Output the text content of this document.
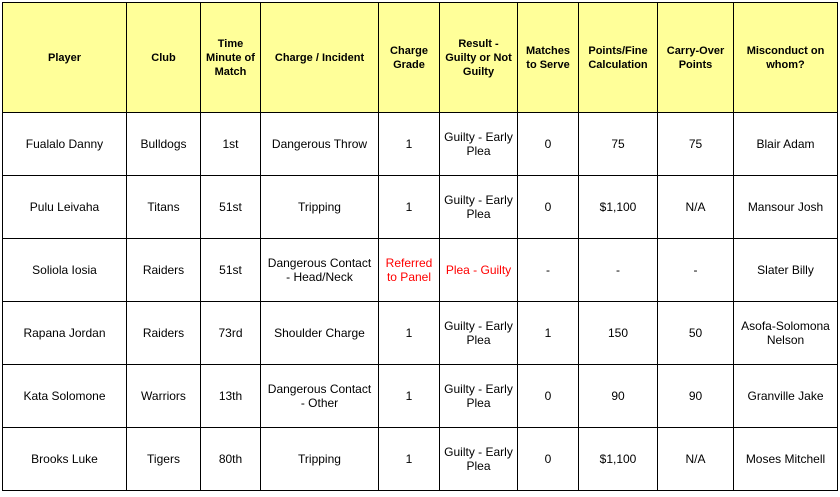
Player	Club	Time Minute of Match	Charge / Incident	Charge Grade	Result - Guilty or Not Guilty	Matches to Serve	Points/Fine Calculation	Carry-Over Points	Misconduct on whom?
Fualalo Danny	Bulldogs	1st	Dangerous Throw	1	Guilty - Early Plea	0	75	75	Blair Adam
Pulu Leivaha	Titans	51st	Tripping	1	Guilty - Early Plea	0	$1,100	N/A	Mansour Josh
Soliola Iosia	Raiders	51st	Dangerous Contact - Head/Neck	Referred to Panel	Plea - Guilty	-	-	-	Slater Billy
Rapana Jordan	Raiders	73rd	Shoulder Charge	1	Guilty - Early Plea	1	150	50	Asofa-Solomona Nelson
Kata Solomone	Warriors	13th	Dangerous Contact - Other	1	Guilty - Early Plea	0	90	90	Granville Jake
Brooks Luke	Tigers	80th	Tripping	1	Guilty - Early Plea	0	$1,100	N/A	Moses Mitchell
